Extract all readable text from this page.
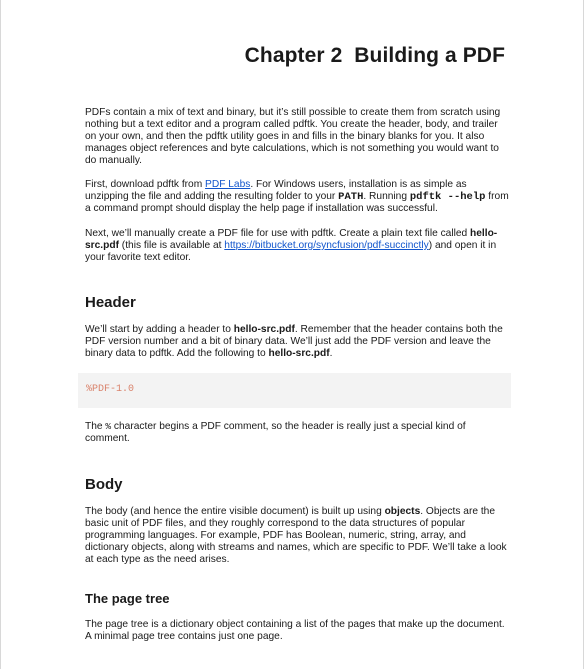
Chapter 2  Building a PDF

PDFs contain a mix of text and binary, but it’s still possible to create them from scratch using nothing but a text editor and a program called pdftk. You create the header, body, and trailer on your own, and then the pdftk utility goes in and fills in the binary blanks for you. It also manages object references and byte calculations, which is not something you would want to do manually.

First, download pdftk from PDF Labs. For Windows users, installation is as simple as unzipping the file and adding the resulting folder to your PATH. Running pdftk --help from a command prompt should display the help page if installation was successful.

Next, we’ll manually create a PDF file for use with pdftk. Create a plain text file called hello-src.pdf (this file is available at https://bitbucket.org/syncfusion/pdf-succinctly) and open it in your favorite text editor.

Header

We’ll start by adding a header to hello-src.pdf. Remember that the header contains both the PDF version number and a bit of binary data. We’ll just add the PDF version and leave the binary data to pdftk. Add the following to hello-src.pdf.

%PDF-1.0

The % character begins a PDF comment, so the header is really just a special kind of comment.

Body

The body (and hence the entire visible document) is built up using objects. Objects are the basic unit of PDF files, and they roughly correspond to the data structures of popular programming languages. For example, PDF has Boolean, numeric, string, array, and dictionary objects, along with streams and names, which are specific to PDF. We’ll take a look at each type as the need arises.

The page tree

The page tree is a dictionary object containing a list of the pages that make up the document. A minimal page tree contains just one page.
